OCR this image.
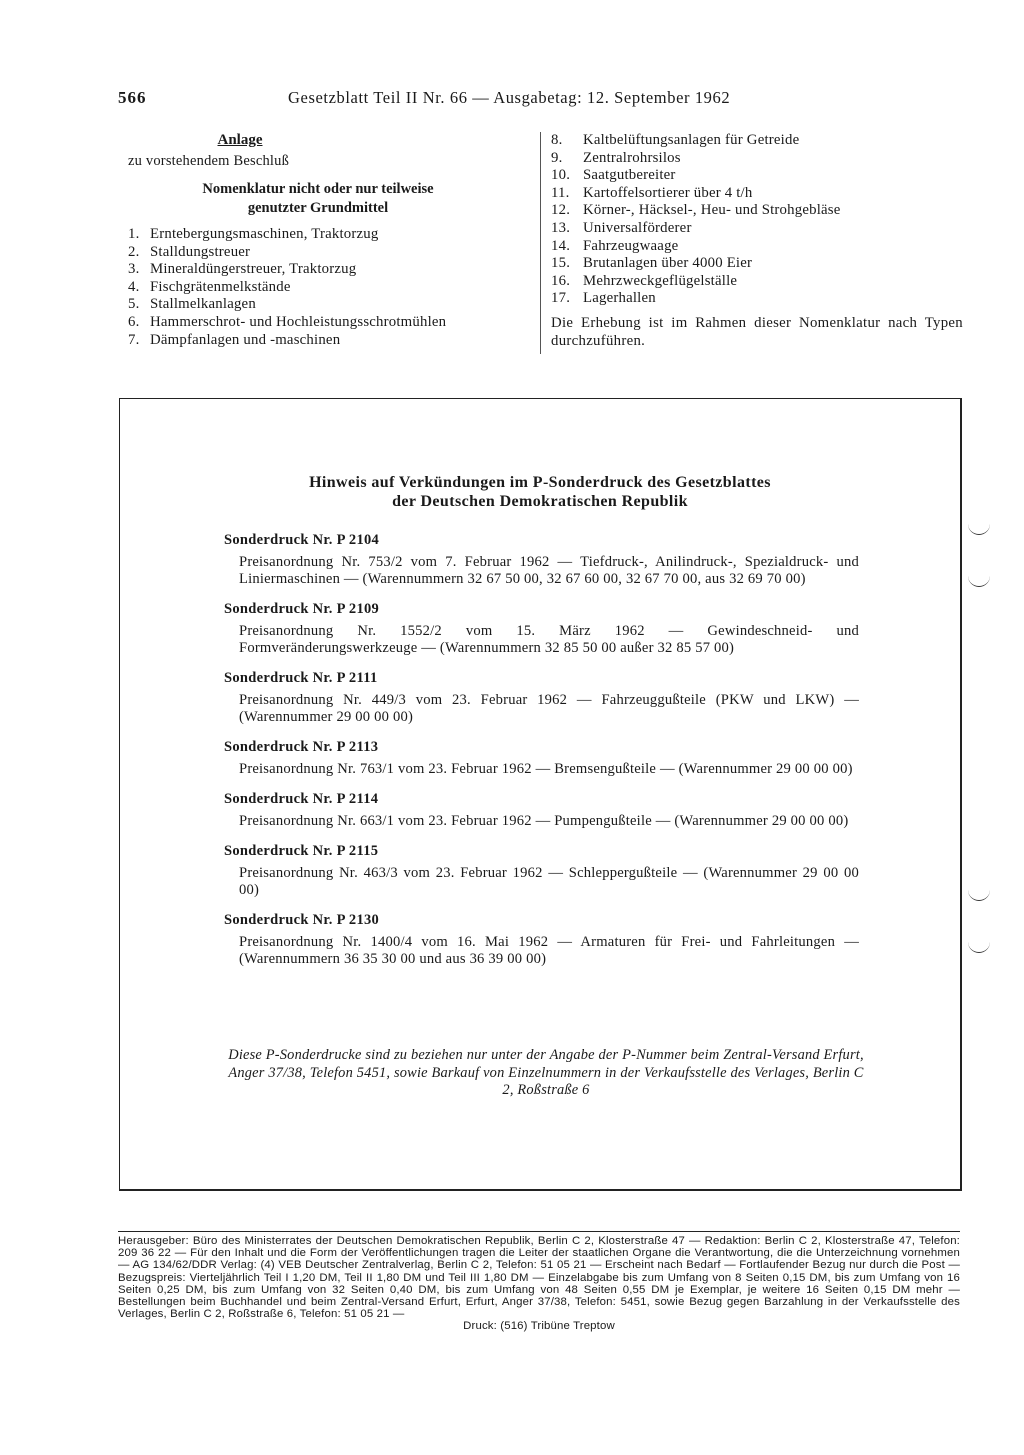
566	Gesetzblatt Teil II Nr. 66 — Ausgabetag: 12. September 1962
Anlage
zu vorstehendem Beschluß
Nomenklatur nicht oder nur teilweise
genutzter Grundmittel
1. Erntebergungsmaschinen, Traktorzug
2. Stalldungstreuer
3. Mineraldüngerstreuer, Traktorzug
4. Fischgrätenmelkstände
5. Stallmelkanlagen
6. Hammerschrot- und Hochleistungsschrotmühlen
7. Dämpfanlagen und -maschinen
8. Kaltbelüftungsanlagen für Getreide
9. Zentralrohrsilos
10. Saatgutbereiter
11. Kartoffelsortierer über 4 t/h
12. Körner-, Häcksel-, Heu- und Strohgebläse
13. Universalförderer
14. Fahrzeugwaage
15. Brutanlagen über 4000 Eier
16. Mehrzweckgeflügelställe
17. Lagerhallen
Die Erhebung ist im Rahmen dieser Nomenklatur nach Typen durchzuführen.
Hinweis auf Verkündungen im P-Sonderdruck des Gesetzblattes
der Deutschen Demokratischen Republik
Sonderdruck Nr. P 2104
Preisanordnung Nr. 753/2 vom 7. Februar 1962 — Tiefdruck-, Anilindruck-, Spezialdruck- und Liniermaschinen — (Warennummern 32 67 50 00, 32 67 60 00, 32 67 70 00, aus 32 69 70 00)
Sonderdruck Nr. P 2109
Preisanordnung Nr. 1552/2 vom 15. März 1962 — Gewindeschneid- und Formveränderungswerkzeuge — (Warennummern 32 85 50 00 außer 32 85 57 00)
Sonderdruck Nr. P 2111
Preisanordnung Nr. 449/3 vom 23. Februar 1962 — Fahrzeuggußteile (PKW und LKW) — (Warennummer 29 00 00 00)
Sonderdruck Nr. P 2113
Preisanordnung Nr. 763/1 vom 23. Februar 1962 — Bremsengußteile — (Warennummer 29 00 00 00)
Sonderdruck Nr. P 2114
Preisanordnung Nr. 663/1 vom 23. Februar 1962 — Pumpengußteile — (Warennummer 29 00 00 00)
Sonderdruck Nr. P 2115
Preisanordnung Nr. 463/3 vom 23. Februar 1962 — Schleppergußteile — (Warennummer 29 00 00 00)
Sonderdruck Nr. P 2130
Preisanordnung Nr. 1400/4 vom 16. Mai 1962 — Armaturen für Frei- und Fahrleitungen — (Warennummern 36 35 30 00 und aus 36 39 00 00)
Diese P-Sonderdrucke sind zu beziehen nur unter der Angabe der P-Nummer beim Zentral-Versand Erfurt, Anger 37/38, Telefon 5451, sowie Barkauf von Einzelnummern in der Verkaufsstelle des Verlages, Berlin C 2, Roßstraße 6
Herausgeber: Büro des Ministerrates der Deutschen Demokratischen Republik, Berlin C 2, Klosterstraße 47 — Redaktion: Berlin C 2, Klosterstraße 47, Telefon: 209 36 22 — Für den Inhalt und die Form der Veröffentlichungen tragen die Leiter der staatlichen Organe die Verantwortung, die die Unterzeichnung vornehmen — AG 134/62/DDR Verlag: (4) VEB Deutscher Zentralverlag, Berlin C 2, Telefon: 51 05 21 — Erscheint nach Bedarf — Fortlaufender Bezug nur durch die Post — Bezugspreis: Vierteljährlich Teil I 1,20 DM, Teil II 1,80 DM und Teil III 1,80 DM — Einzelabgabe bis zum Umfang von 8 Seiten 0,15 DM, bis zum Umfang von 16 Seiten 0,25 DM, bis zum Umfang von 32 Seiten 0,40 DM, bis zum Umfang von 48 Seiten 0,55 DM je Exemplar, je weitere 16 Seiten 0,15 DM mehr — Bestellungen beim Buchhandel und beim Zentral-Versand Erfurt, Erfurt, Anger 37/38, Telefon: 5451, sowie Bezug gegen Barzahlung in der Verkaufsstelle des Verlages, Berlin C 2, Roßstraße 6, Telefon: 51 05 21 —
Druck: (516) Tribüne Treptow
